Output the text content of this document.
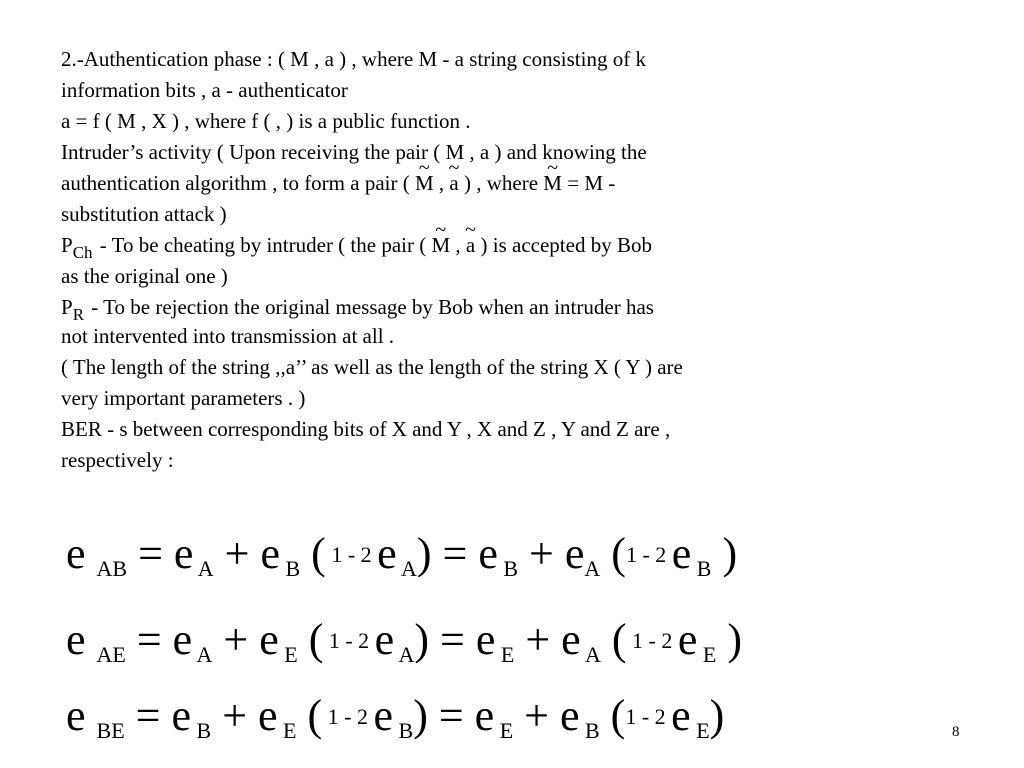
2.-Authentication phase : ( M , a ) , where M - a string consisting of k
information bits , a - authenticator
a = f ( M , X ) , where f ( , ) is a public function .
Intruder’s activity ( Upon receiving the pair ( M , a ) and knowing the
authentication algorithm , to form a pair ( ~ M , ~ a ) , where ~ M = M -
substitution attack )
$P_{Ch}$ - To be cheating by intruder ( the pair ( ~ M , ~ a ) is accepted by Bob
as the original one )
$P_R$ - To be rejection the original message by Bob when an intruder has
not intervented into transmission at all .
( The length of the string ,,a’’ as well as the length of the string X ( Y ) are
very important parameters . )
BER - s between corresponding bits of X and Y , X and Z , Y and Z are ,
respectively :
e AB = e A + e B ( 1 - 2 e A) = e B + eA (1 - 2 e B )
e AE = e A + e E ( 1 - 2 e A) = e E + e A ( 1 - 2 e E )
e BE = e B + e E ( 1 - 2 e B) = e E + e B (1 - 2 e E)	8
